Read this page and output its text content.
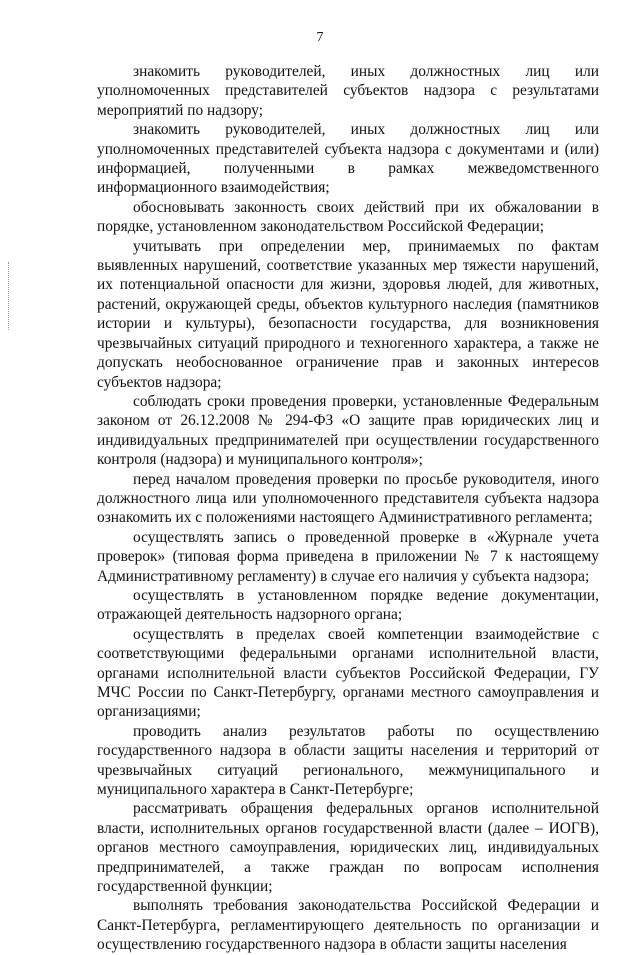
7

знакомить руководителей, иных должностных лиц или уполномоченных представителей субъектов надзора с результатами мероприятий по надзору;

знакомить руководителей, иных должностных лиц или уполномоченных представителей субъекта надзора с документами и (или) информацией, полученными в рамках межведомственного информационного взаимодействия;

обосновывать законность своих действий при их обжаловании в порядке, установленном законодательством Российской Федерации;

учитывать при определении мер, принимаемых по фактам выявленных нарушений, соответствие указанных мер тяжести нарушений, их потенциальной опасности для жизни, здоровья людей, для животных, растений, окружающей среды, объектов культурного наследия (памятников истории и культуры), безопасности государства, для возникновения чрезвычайных ситуаций природного и техногенного характера, а также не допускать необоснованное ограничение прав и законных интересов субъектов надзора;

соблюдать сроки проведения проверки, установленные Федеральным законом от 26.12.2008 № 294-ФЗ «О защите прав юридических лиц и индивидуальных предпринимателей при осуществлении государственного контроля (надзора) и муниципального контроля»;

перед началом проведения проверки по просьбе руководителя, иного должностного лица или уполномоченного представителя субъекта надзора ознакомить их с положениями настоящего Административного регламента;

осуществлять запись о проведенной проверке в «Журнале учета проверок» (типовая форма приведена в приложении № 7 к настоящему Административному регламенту) в случае его наличия у субъекта надзора;

осуществлять в установленном порядке ведение документации, отражающей деятельность надзорного органа;

осуществлять в пределах своей компетенции взаимодействие с соответствующими федеральными органами исполнительной власти, органами исполнительной власти субъектов Российской Федерации, ГУ МЧС России по Санкт-Петербургу, органами местного самоуправления и организациями;

проводить анализ результатов работы по осуществлению государственного надзора в области защиты населения и территорий от чрезвычайных ситуаций регионального, межмуниципального и муниципального характера в Санкт-Петербурге;

рассматривать обращения федеральных органов исполнительной власти, исполнительных органов государственной власти (далее – ИОГВ), органов местного самоуправления, юридических лиц, индивидуальных предпринимателей, а также граждан по вопросам исполнения государственной функции;

выполнять требования законодательства Российской Федерации и Санкт-Петербурга, регламентирующего деятельность по организации и осуществлению государственного надзора в области защиты населения
